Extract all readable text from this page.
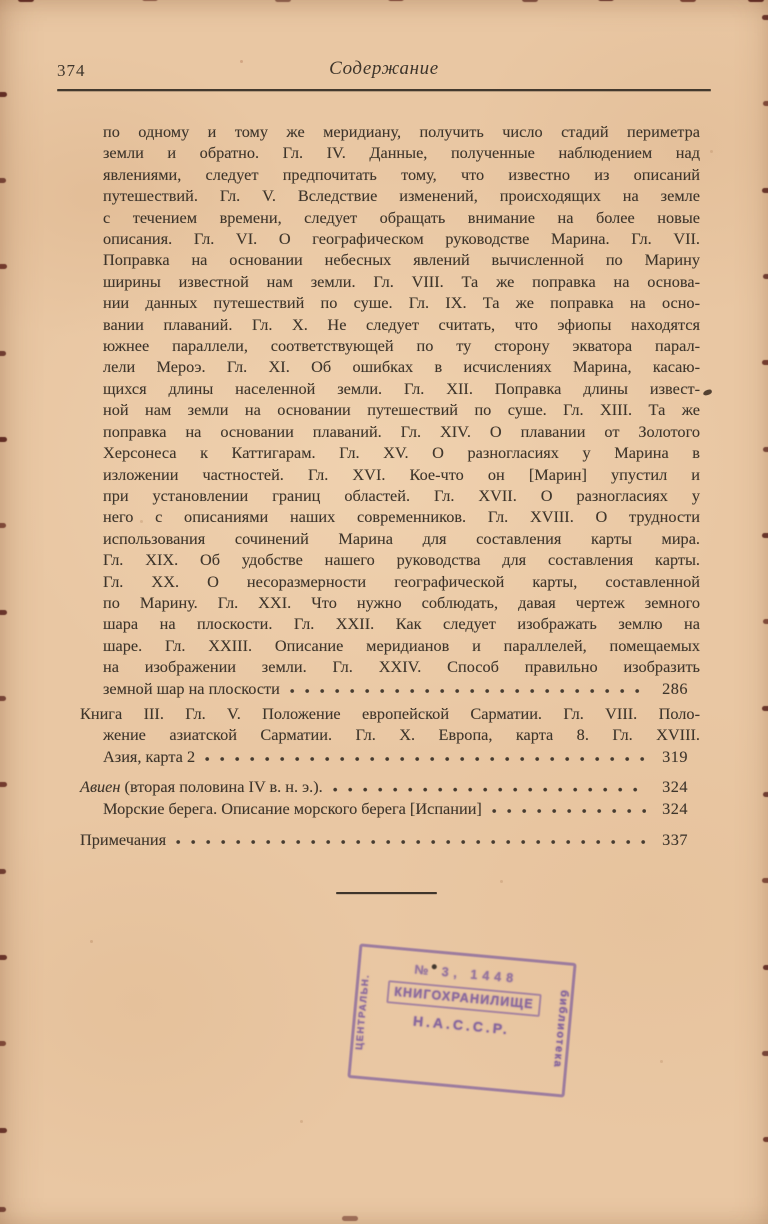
374	Содержание
по одному и тому же меридиану, получить число стадий периметра
земли и обратно. Гл. IV. Данные, полученные наблюдением над
явлениями, следует предпочитать тому, что известно из описаний
путешествий. Гл. V. Вследствие изменений, происходящих на земле
с течением времени, следует обращать внимание на более новые
описания. Гл. VI. О географическом руководстве Марина. Гл. VII.
Поправка на основании небесных явлений вычисленной по Марину
ширины известной нам земли. Гл. VIII. Та же поправка на основа-
нии данных путешествий по суше. Гл. IX. Та же поправка на осно-
вании плаваний. Гл. X. Не следует считать, что эфиопы находятся
южнее параллели, соответствующей по ту сторону экватора парал-
лели Мероэ. Гл. XI. Об ошибках в исчислениях Марина, касаю-
щихся длины населенной земли. Гл. XII. Поправка длины извест-
ной нам земли на основании путешествий по суше. Гл. XIII. Та же
поправка на основании плаваний. Гл. XIV. О плавании от Золотого
Херсонеса к Каттигарам. Гл. XV. О разногласиях у Марина в
изложении частностей. Гл. XVI. Кое-что он [Марин] упустил и
при установлении границ областей. Гл. XVII. О разногласиях у
него с описаниями наших современников. Гл. XVIII. О трудности
использования сочинений Марина для составления карты мира.
Гл. XIX. Об удобстве нашего руководства для составления карты.
Гл. XX. О несоразмерности географической карты, составленной
по Марину. Гл. XXI. Что нужно соблюдать, давая чертеж земного
шара на плоскости. Гл. XXII. Как следует изображать землю на
шаре. Гл. XXIII. Описание меридианов и параллелей, помещаемых
на изображении земли. Гл. XXIV. Способ правильно изобразить
земной шар на плоскости	286
Книга III. Гл. V. Положение европейской Сарматии. Гл. VIII. Поло-
жение азиатской Сарматии. Гл. X. Европа, карта 8. Гл. XVIII.
Азия, карта 2	319
Авиен (вторая половина IV в. н. э.).	324
Морские берега. Описание морского берега [Испании]	324
Примечания	337
ЦЕНТРАЛЬН.	библиотека
№ 3, 1448
КНИГОХРАНИЛИЩЕ
Н.А.С.С.Р.
